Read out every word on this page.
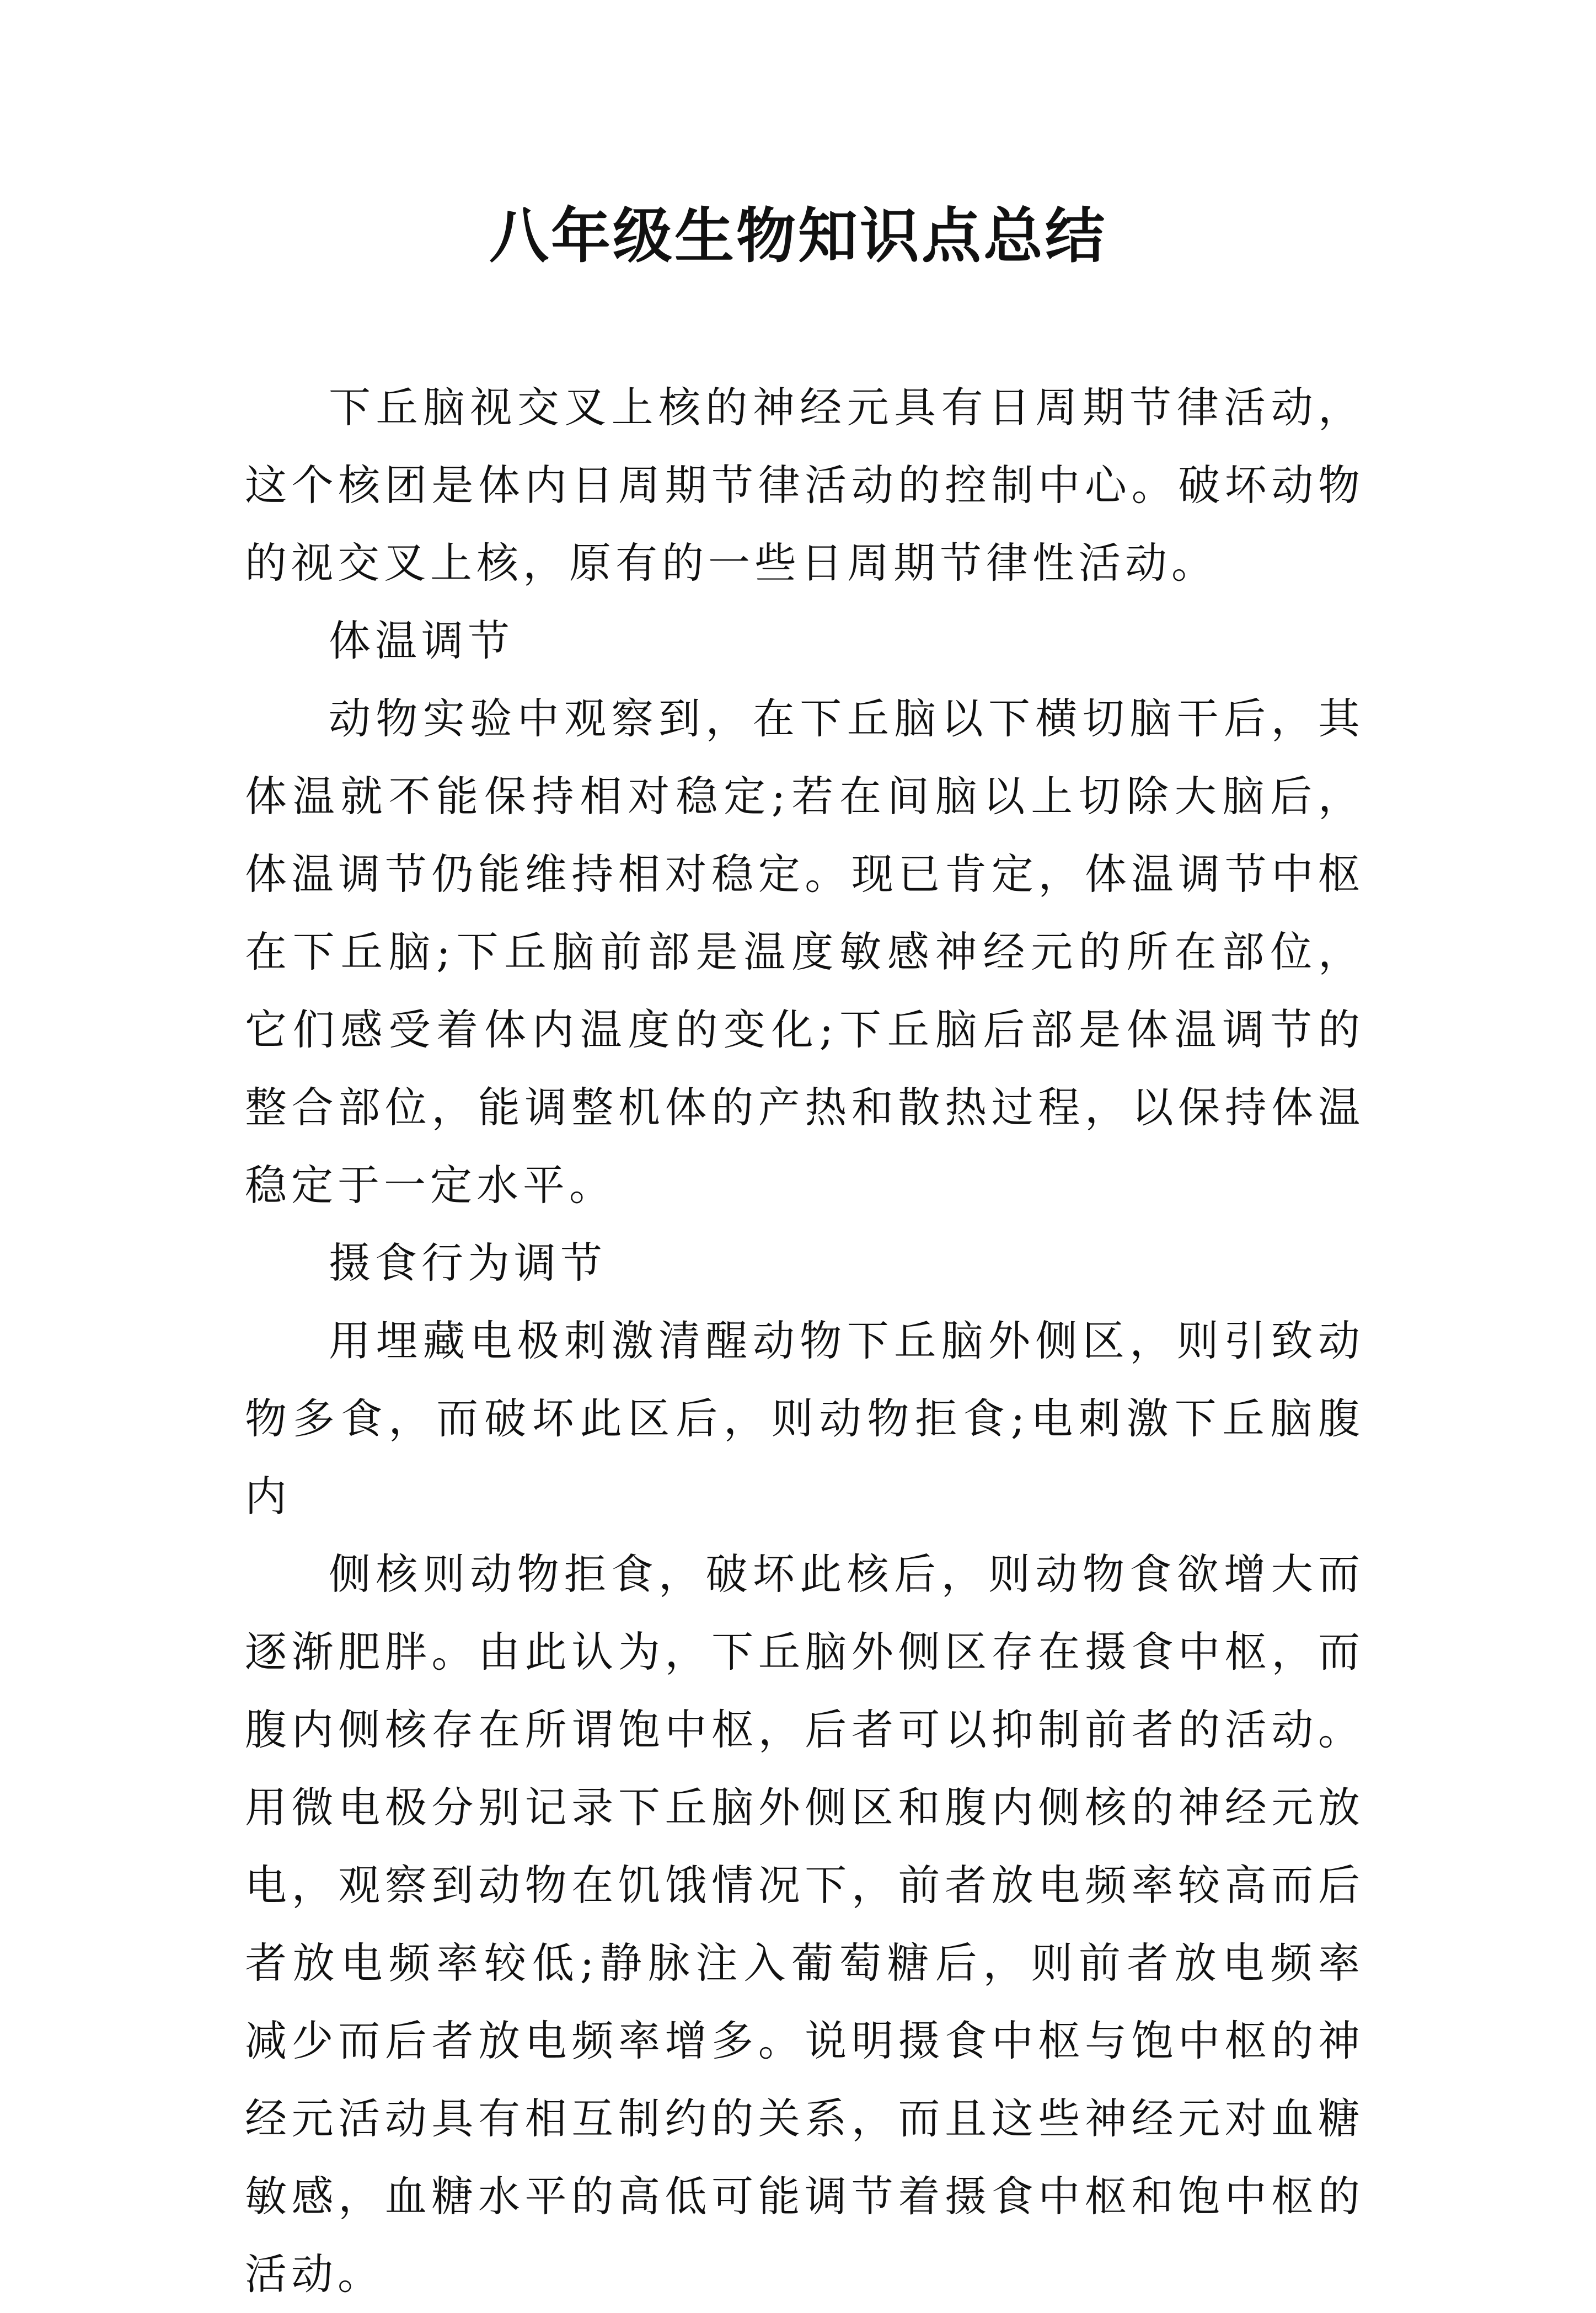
八年级生物知识点总结

下丘脑视交叉上核的神经元具有日周期节律活动，这个核团是体内日周期节律活动的控制中心。破坏动物的视交叉上核，原有的一些日周期节律性活动。

体温调节

动物实验中观察到，在下丘脑以下横切脑干后，其体温就不能保持相对稳定;若在间脑以上切除大脑后，体温调节仍能维持相对稳定。现已肯定，体温调节中枢在下丘脑;下丘脑前部是温度敏感神经元的所在部位，它们感受着体内温度的变化;下丘脑后部是体温调节的整合部位，能调整机体的产热和散热过程，以保持体温稳定于一定水平。

摄食行为调节

用埋藏电极刺激清醒动物下丘脑外侧区，则引致动物多食，而破坏此区后，则动物拒食;电刺激下丘脑腹内

侧核则动物拒食，破坏此核后，则动物食欲增大而逐渐肥胖。由此认为，下丘脑外侧区存在摄食中枢，而腹内侧核存在所谓饱中枢，后者可以抑制前者的活动。用微电极分别记录下丘脑外侧区和腹内侧核的神经元放电，观察到动物在饥饿情况下，前者放电频率较高而后者放电频率较低;静脉注入葡萄糖后，则前者放电频率减少而后者放电频率增多。说明摄食中枢与饱中枢的神经元活动具有相互制约的关系，而且这些神经元对血糖敏感，血糖水平的高低可能调节着摄食中枢和饱中枢的活动。
